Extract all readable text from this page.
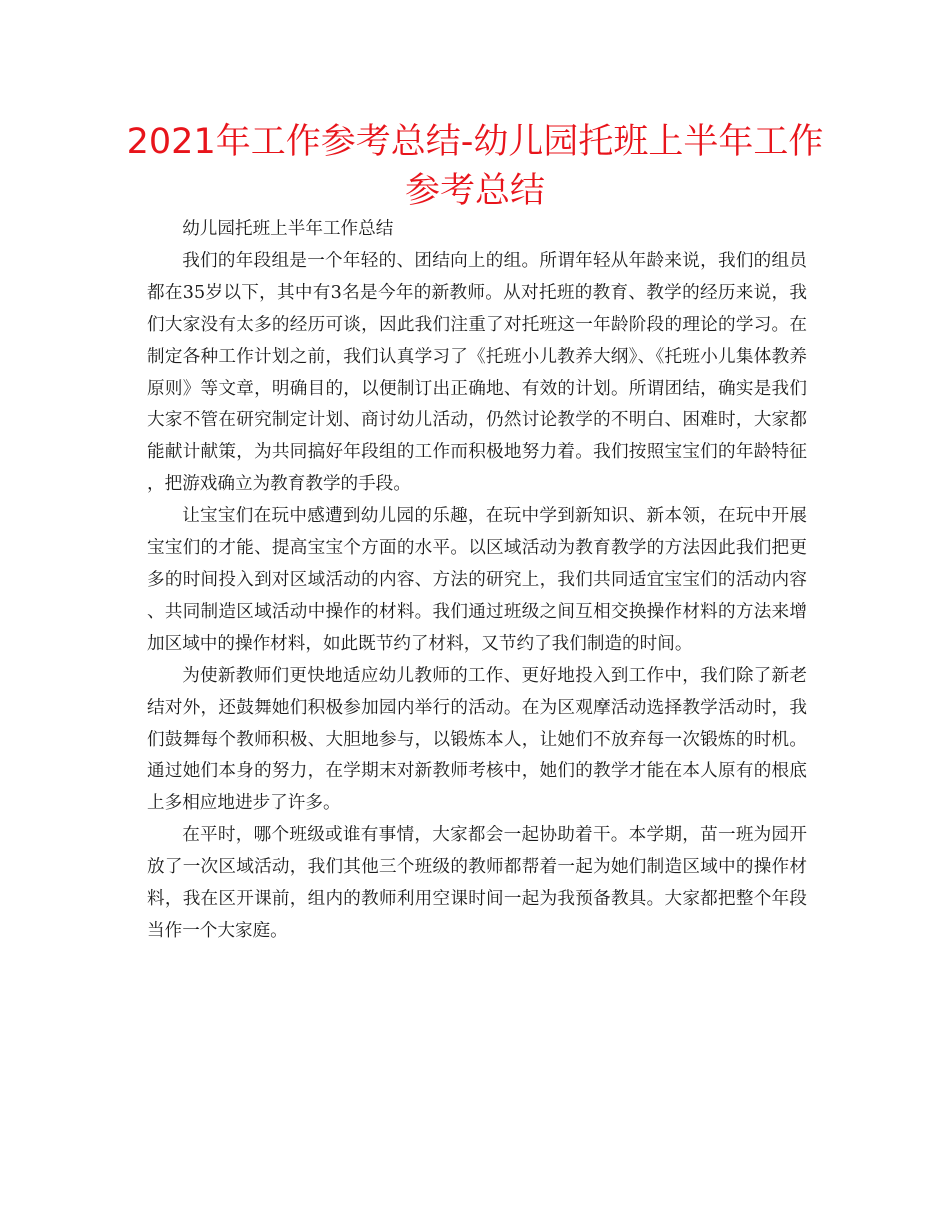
2021年工作参考总结-幼儿园托班上半年工作参考总结

幼儿园托班上半年工作总结

我们的年段组是一个年轻的、团结向上的组。所谓年轻从年龄来说，我们的组员都在35岁以下，其中有3名是今年的新教师。从对托班的教育、教学的经历来说，我们大家没有太多的经历可谈，因此我们注重了对托班这一年龄阶段的理论的学习。在制定各种工作计划之前，我们认真学习了《托班小儿教养大纲》、《托班小儿集体教养原则》等文章，明确目的，以便制订出正确地、有效的计划。所谓团结，确实是我们大家不管在研究制定计划、商讨幼儿活动，仍然讨论教学的不明白、困难时，大家都能献计献策，为共同搞好年段组的工作而积极地努力着。我们按照宝宝们的年龄特征，把游戏确立为教育教学的手段。

让宝宝们在玩中感遭到幼儿园的乐趣，在玩中学到新知识、新本领，在玩中开展宝宝们的才能、提高宝宝个方面的水平。以区域活动为教育教学的方法因此我们把更多的时间投入到对区域活动的内容、方法的研究上，我们共同适宜宝宝们的活动内容、共同制造区域活动中操作的材料。我们通过班级之间互相交换操作材料的方法来增加区域中的操作材料，如此既节约了材料，又节约了我们制造的时间。

为使新教师们更快地适应幼儿教师的工作、更好地投入到工作中，我们除了新老结对外，还鼓舞她们积极参加园内举行的活动。在为区观摩活动选择教学活动时，我们鼓舞每个教师积极、大胆地参与，以锻炼本人，让她们不放弃每一次锻炼的时机。通过她们本身的努力，在学期末对新教师考核中，她们的教学才能在本人原有的根底上多相应地进步了许多。

在平时，哪个班级或谁有事情，大家都会一起协助着干。本学期，苗一班为园开放了一次区域活动，我们其他三个班级的教师都帮着一起为她们制造区域中的操作材料，我在区开课前，组内的教师利用空课时间一起为我预备教具。大家都把整个年段当作一个大家庭。
